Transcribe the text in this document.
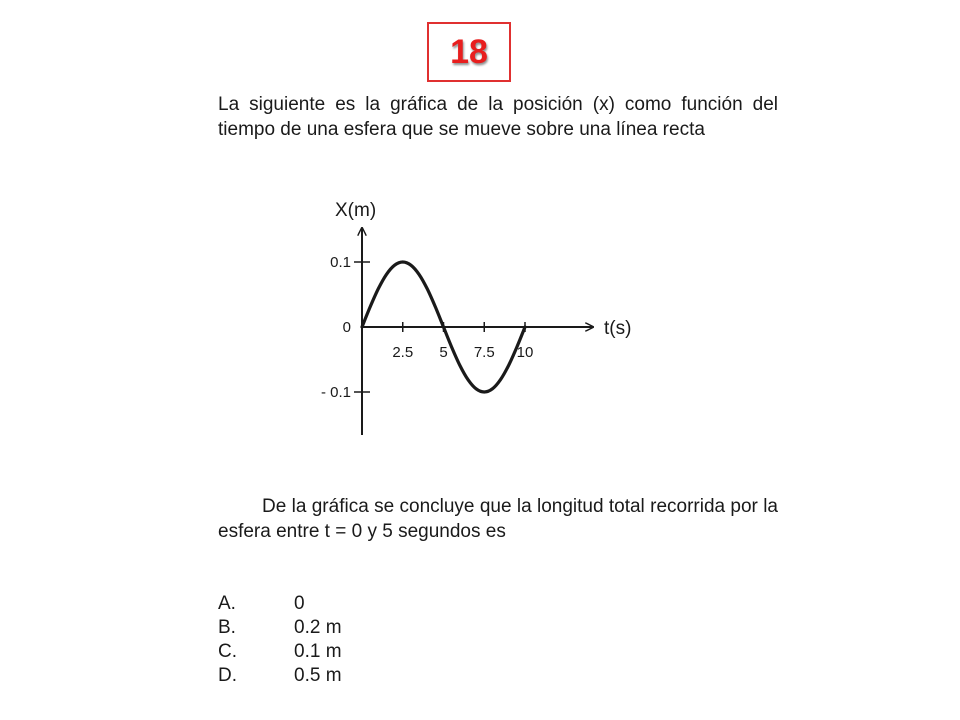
18

La siguiente es la gráfica de la posición (x) como función del tiempo de una esfera que se mueve sobre una línea recta

X(m)
t(s)
2.5 5 7.5 10
0.1
0
- 0.1

De la gráfica se concluye que la longitud total recorrida por la esfera entre t = 0 y 5 segundos es

A.	0
B.	0.2 m
C.	0.1 m
D.	0.5 m
